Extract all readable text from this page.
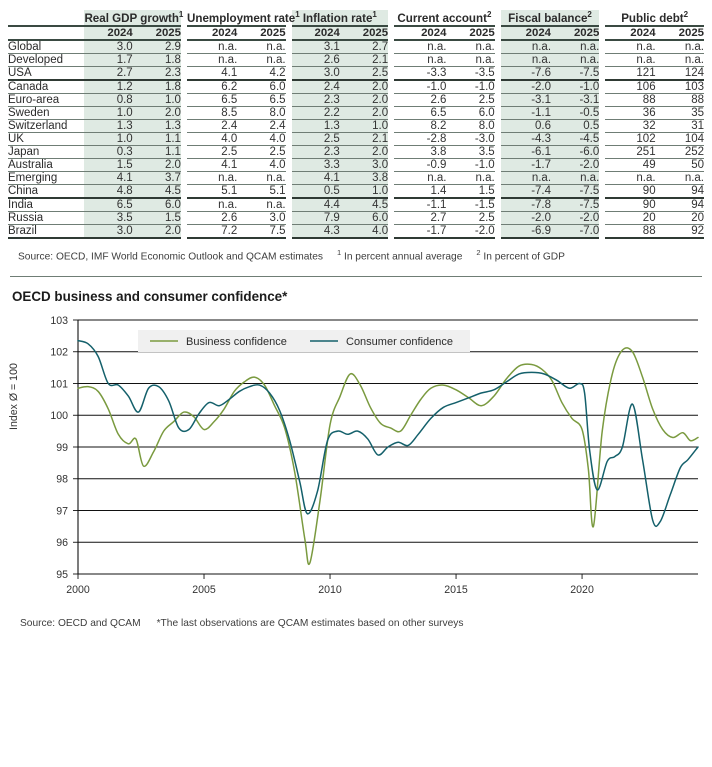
	Real GDP growth$^1$			Unemployment rate$^1$			Inflation rate$^1$			Current account$^2$			Fiscal balance$^2$			Public debt$^2$
	2024	2025		2024	2025		2024	2025		2024	2025		2024	2025		2024	2025
Global	3.0	2.9		n.a.	n.a.		3.1	2.7		n.a.	n.a.		n.a.	n.a.		n.a.	n.a.
Developed	1.7	1.8		n.a.	n.a.		2.6	2.1		n.a.	n.a.		n.a.	n.a.		n.a.	n.a.
USA	2.7	2.3		4.1	4.2		3.0	2.5		-3.3	-3.5		-7.6	-7.5		121	124
Canada	1.2	1.8		6.2	6.0		2.4	2.0		-1.0	-1.0		-2.0	-1.0		106	103
Euro-area	0.8	1.0		6.5	6.5		2.3	2.0		2.6	2.5		-3.1	-3.1		88	88
Sweden	1.0	2.0		8.5	8.0		2.2	2.0		6.5	6.0		-1.1	-0.5		36	35
Switzerland	1.3	1.3		2.4	2.4		1.3	1.0		8.2	8.0		0.6	0.5		32	31
UK	1.0	1.1		4.0	4.0		2.5	2.1		-2.8	-3.0		-4.3	-4.5		102	104
Japan	0.3	1.1		2.5	2.5		2.3	2.0		3.8	3.5		-6.1	-6.0		251	252
Australia	1.5	2.0		4.1	4.0		3.3	3.0		-0.9	-1.0		-1.7	-2.0		49	50
Emerging	4.1	3.7		n.a.	n.a.		4.1	3.8		n.a.	n.a.		n.a.	n.a.		n.a.	n.a.
China	4.8	4.5		5.1	5.1		0.5	1.0		1.4	1.5		-7.4	-7.5		90	94
India	6.5	6.0		n.a.	n.a.		4.4	4.5		-1.1	-1.5		-7.8	-7.5		90	94
Russia	3.5	1.5		2.6	3.0		7.9	6.0		2.7	2.5		-2.0	-2.0		20	20
Brazil	3.0	2.0		7.2	7.5		4.3	4.0		-1.7	-2.0		-6.9	-7.0		88	92
Source: OECD, IMF World Economic Outlook and QCAM estimates $^1$ In percent annual average $^2$ In percent of GDP
OECD business and consumer confidence*
Index Ø = 100
95
96
97
98
99
100
101
102
103
2000	2005	2010	2015	2020
Business confidence	Consumer confidence
Source: OECD and QCAM *The last observations are QCAM estimates based on other surveys
